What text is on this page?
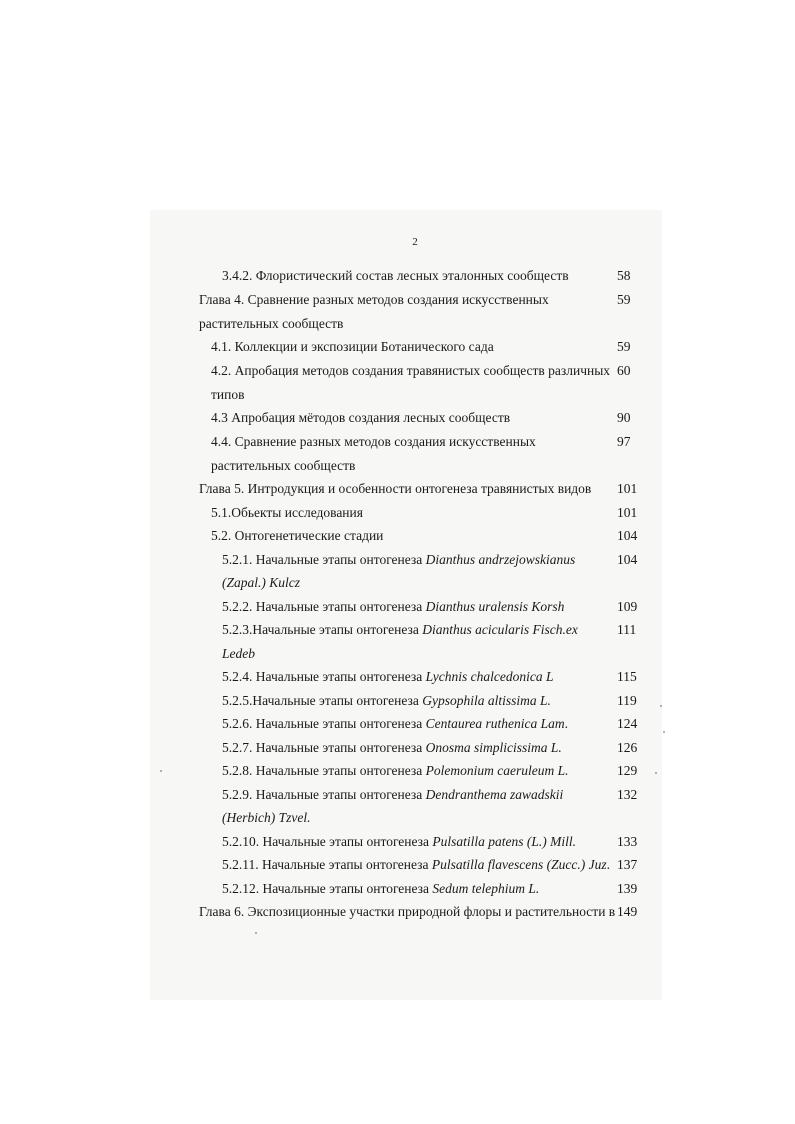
2
3.4.2. Флористический состав лесных эталонных сообществ	58
Глава 4. Сравнение разных методов создания искусственных	59
растительных сообществ
4.1. Коллекции и экспозиции Ботанического сада	59
4.2. Апробация методов создания травянистых сообществ различных 60
типов
4.3 Апробация мётодов создания лесных сообществ	90
4.4. Сравнение разных методов создания искусственных	97
растительных сообществ
Глава 5. Интродукция и особенности онтогенеза травянистых видов 101
5.1.Обьекты исследования	101
5.2. Онтогенетические стадии	104
5.2.1. Начальные этапы онтогенеза Dianthus andrzejowskianus	104
(Zapal.) Kulcz
5.2.2. Начальные этапы онтогенеза Dianthus uralensis Korsh	109
5.2.3.Начальные этапы онтогенеза Dianthus acicularis Fisch.ex	111
Ledeb
5.2.4. Начальные этапы онтогенеза Lychnis chalcedonica L	115
5.2.5.Начальные этапы онтогенеза Gypsophila altissima L.	119
5.2.6. Начальные этапы онтогенеза Centaurea ruthenica Lam.	124
5.2.7. Начальные этапы онтогенеза Onosma simplicissima L.	126
5.2.8. Начальные этапы онтогенеза Polemonium caeruleum L.	129
5.2.9. Начальные этапы онтогенеза Dendranthema zawadskii	132
(Herbich) Tzvel.
5.2.10. Начальные этапы онтогенеза Pulsatilla patens (L.) Mill.	133
5.2.11. Начальные этапы онтогенеза Pulsatilla flavescens (Zucc.) Juz. 137
5.2.12. Начальные этапы онтогенеза Sedum telephium L.	139
Глава 6. Экспозиционные участки природной флоры и растительности в 149
